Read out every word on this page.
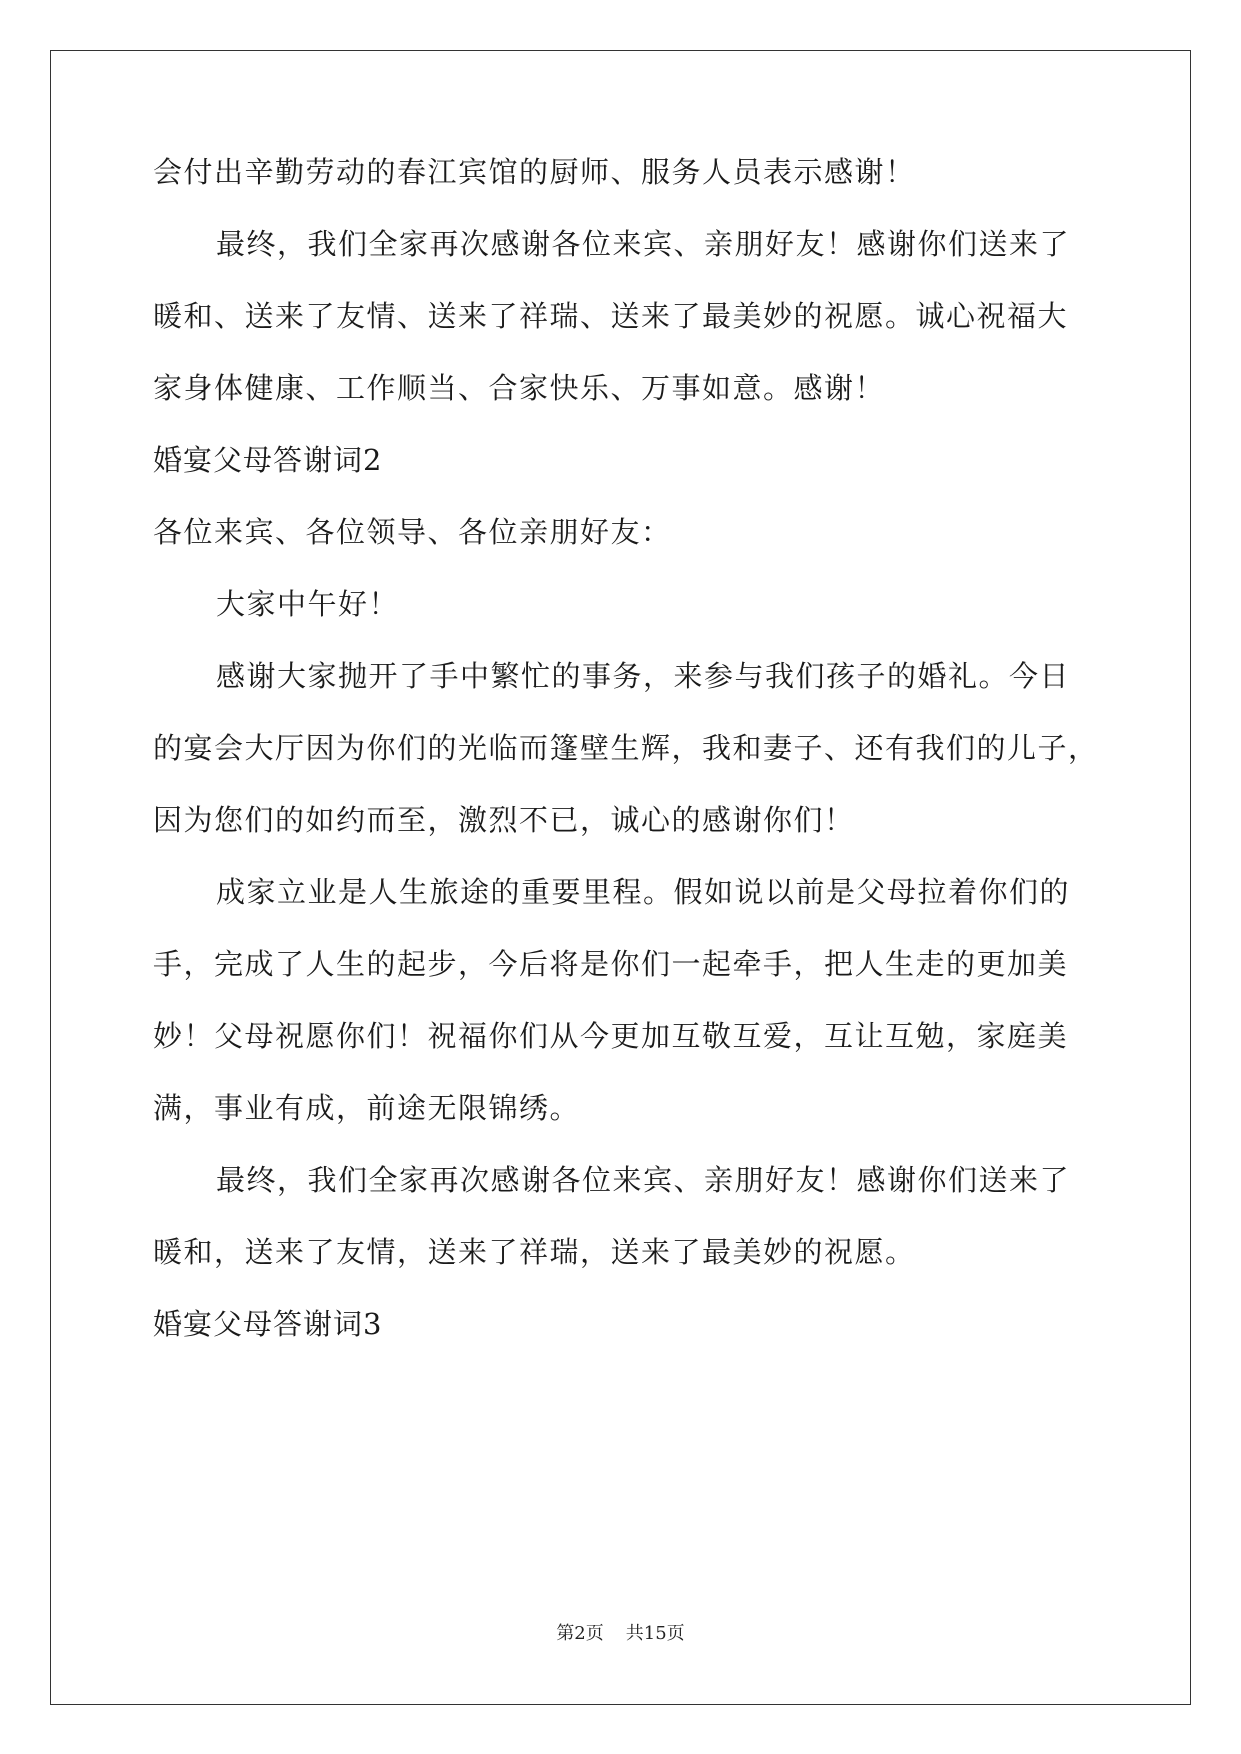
会付出辛勤劳动的春江宾馆的厨师、服务人员表示感谢！

最终，我们全家再次感谢各位来宾、亲朋好友！感谢你们送来了

暖和、送来了友情、送来了祥瑞、送来了最美妙的祝愿。诚心祝福大

家身体健康、工作顺当、合家快乐、万事如意。感谢！

婚宴父母答谢词2

各位来宾、各位领导、各位亲朋好友：

大家中午好！

感谢大家抛开了手中繁忙的事务，来参与我们孩子的婚礼。今日

的宴会大厅因为你们的光临而篷壁生辉，我和妻子、还有我们的儿子，

因为您们的如约而至，激烈不已，诚心的感谢你们！

成家立业是人生旅途的重要里程。假如说以前是父母拉着你们的

手，完成了人生的起步，今后将是你们一起牵手，把人生走的更加美

妙！父母祝愿你们！祝福你们从今更加互敬互爱，互让互勉，家庭美

满，事业有成，前途无限锦绣。

最终，我们全家再次感谢各位来宾、亲朋好友！感谢你们送来了

暖和，送来了友情，送来了祥瑞，送来了最美妙的祝愿。

婚宴父母答谢词3

第2页 共15页
